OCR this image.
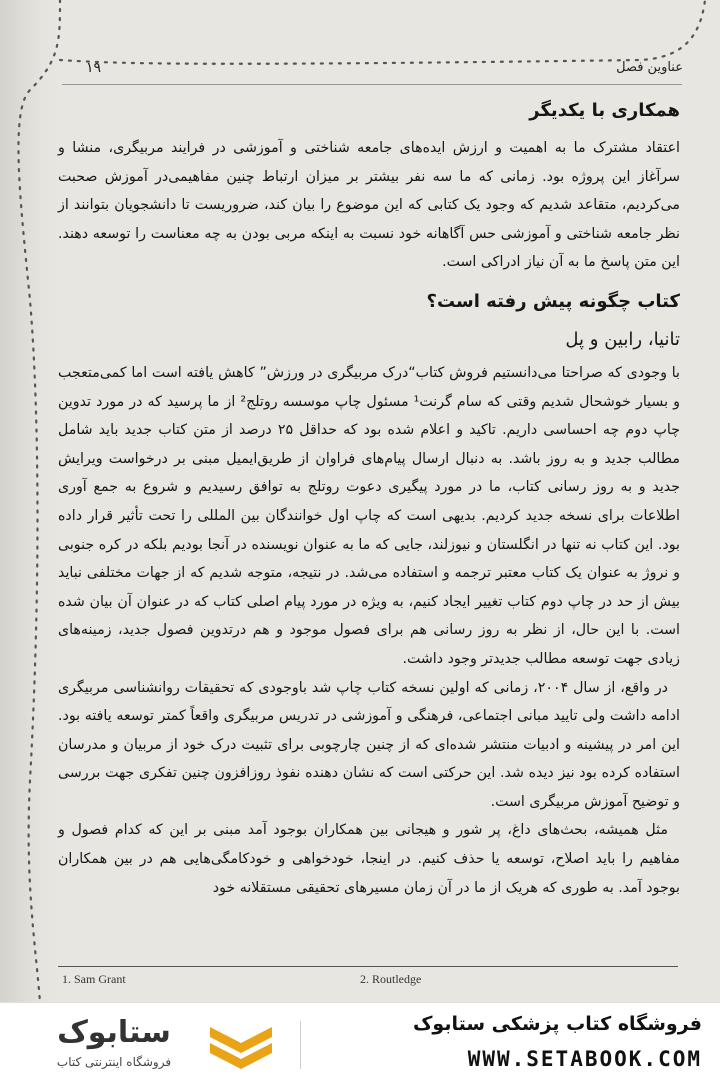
عناوین فصل
۱۹
همکاری با یکدیگر

اعتقاد مشترک ما به اهمیت و ارزش ایده‌های جامعه شناختی و آموزشی در فرایند مربیگری، منشا و سرآغاز این پروژه بود. زمانی که ما سه نفر بیشتر بر میزان ارتباط چنین مفاهیمی‌در آموزش صحبت می‌کردیم، متقاعد شدیم که وجود یک کتابی که این موضوع را بیان کند، ضروریست تا دانشجویان بتوانند از نظر جامعه شناختی و آموزشی حس آگاهانه خود نسبت به اینکه مربی بودن به چه معناست را توسعه دهند. این متن پاسخ ما به آن نیاز ادراکی است.

کتاب چگونه پیش رفته است؟
تانیا، رابین و پل

با وجودی که صراحتا می‌دانستیم فروش کتاب“درک مربیگری در ورزش” کاهش یافته است اما کمی‌متعجب و بسیار خوشحال شدیم وقتی که سام گرنت¹ مسئول چاپ موسسه روتلج² از ما پرسید که در مورد تدوین چاپ دوم چه احساسی داریم. تاکید و اعلام شده بود که حداقل ۲۵ درصد از متن کتاب جدید باید شامل مطالب جدید و به روز باشد. به دنبال ارسال پیام‌های فراوان از طریق‌ایمیل مبنی بر درخواست ویرایش جدید و به روز رسانی کتاب، ما در مورد پیگیری دعوت روتلج به توافق رسیدیم و شروع به جمع آوری اطلاعات برای نسخه جدید کردیم. بدیهی است که چاپ اول خوانندگان بین المللی را تحت تأثیر قرار داده بود. این کتاب نه تنها در انگلستان و نیوزلند، جایی که ما به عنوان نویسنده در آنجا بودیم بلکه در کره جنوبی و نروژ به عنوان یک کتاب معتبر ترجمه و استفاده می‌شد. در نتیجه، متوجه شدیم که از جهات مختلفی نباید بیش از حد در چاپ دوم کتاب تغییر ایجاد کنیم، به ویژه در مورد پیام اصلی کتاب که در عنوان آن بیان شده است. با این حال، از نظر به روز رسانی هم برای فصول موجود و هم درتدوین فصول جدید، زمینه‌های زیادی جهت توسعه مطالب جدیدتر وجود داشت.

در واقع، از سال ۲۰۰۴، زمانی که اولین نسخه کتاب چاپ شد باوجودی که تحقیقات روانشناسی مربیگری ادامه داشت ولی تایید مبانی اجتماعی، فرهنگی و آموزشی در تدریس مربیگری واقعاً کمتر توسعه یافته بود. این امر در پیشینه و ادبیات منتشر شده‌ای که از چنین چارچوبی برای تثبیت درک خود از مربیان و مدرسان استفاده کرده بود نیز دیده شد. این حرکتی است که نشان دهنده نفوذ روزافزون چنین تفکری جهت بررسی و توضیح آموزش مربیگری است.

مثل همیشه، بحث‌های داغ، پر شور و هیجانی بین همکاران بوجود آمد مبنی بر این که کدام فصول و مفاهیم را باید اصلاح، توسعه یا حذف کنیم. در اینجا، خودخواهی و خودکامگی‌هایی هم در بین همکاران بوجود آمد. به طوری که هریک از ما در آن زمان مسیرهای تحقیقی مستقلانه خود

1. Sam Grant	2. Routledge
ستابوک
فروشگاه اینترنتی کتاب
فروشگاه کتاب پزشکی ستابوک
WWW.SETABOOK.COM
